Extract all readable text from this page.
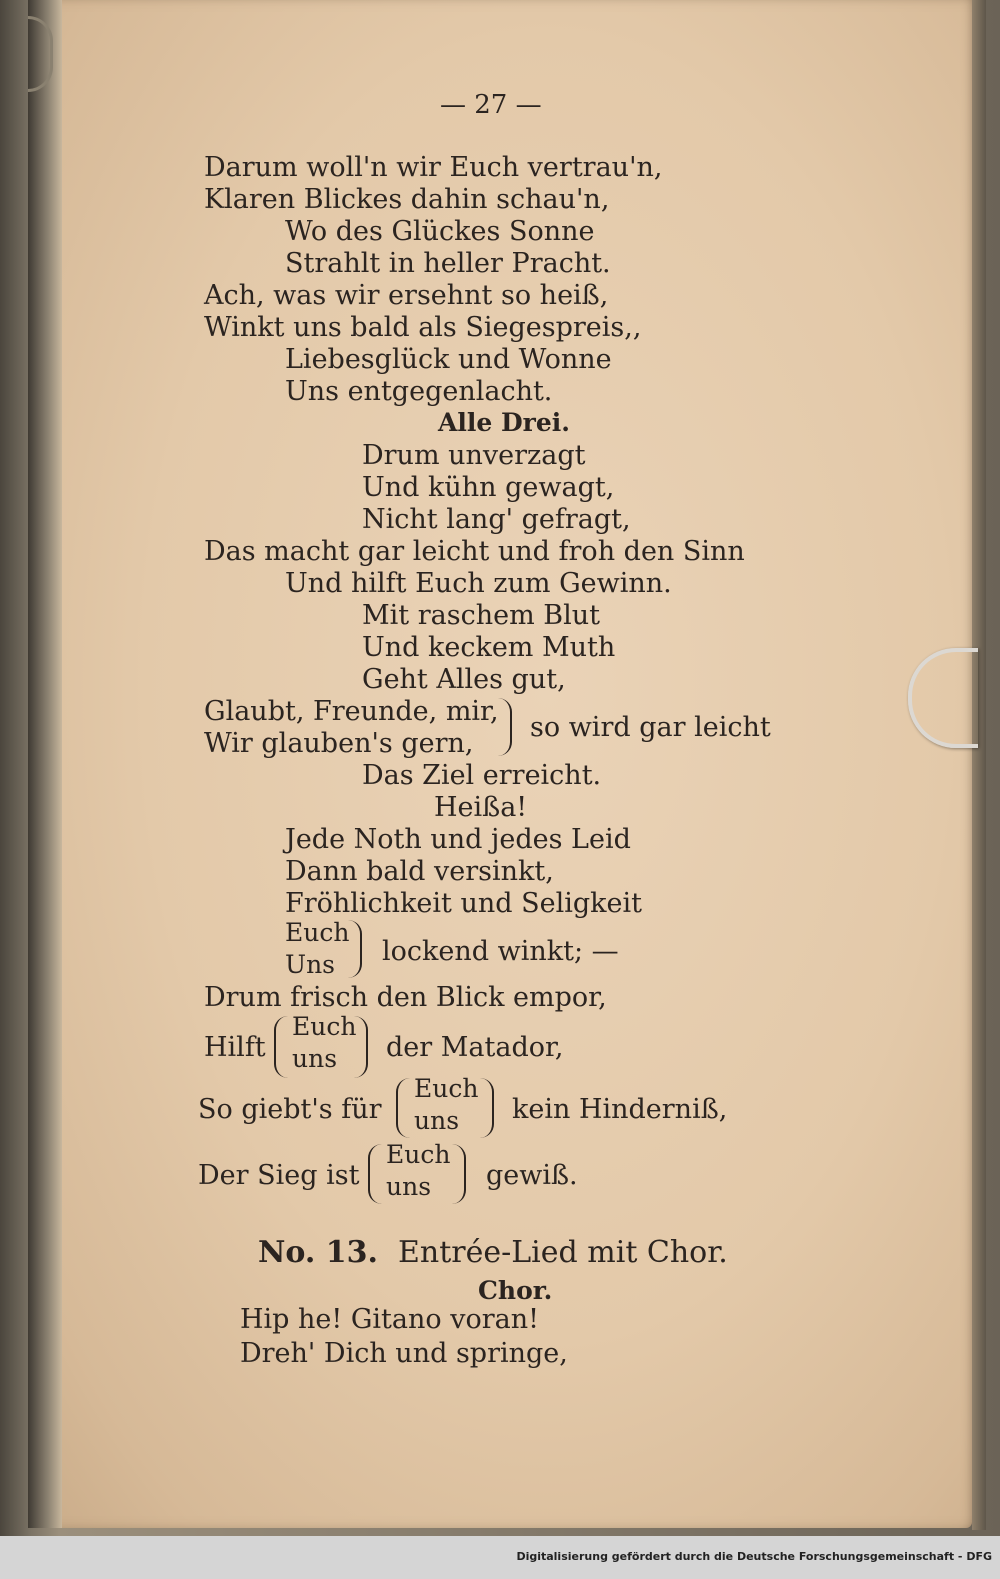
— 27 —
Darum woll'n wir Euch vertrau'n,
Klaren Blickes dahin schau'n,
Wo des Glückes Sonne
Strahlt in heller Pracht.
Ach, was wir ersehnt so heiß,
Winkt uns bald als Siegespreis,,
Liebesglück und Wonne
Uns entgegenlacht.
Alle Drei.
Drum unverzagt
Und kühn gewagt,
Nicht lang' gefragt,
Das macht gar leicht und froh den Sinn
Und hilft Euch zum Gewinn.
Mit raschem Blut
Und keckem Muth
Geht Alles gut,
Glaubt, Freunde, mir,
Wir glauben's gern,
so wird gar leicht
Das Ziel erreicht.
Heißa!
Jede Noth und jedes Leid
Dann bald versinkt,
Fröhlichkeit und Seligkeit
Euch
Uns lockend winkt; —
Drum frisch den Blick empor,
Hilft
Euch
uns der Matador,
So giebt's für
Euch
uns kein Hinderniß,
Der Sieg ist
Euch
uns gewiß.
No. 13. Entrée-Lied mit Chor.
Chor.
Hip he! Gitano voran!
Dreh' Dich und springe,
Digitalisierung gefördert durch die Deutsche Forschungsgemeinschaft - DFG
